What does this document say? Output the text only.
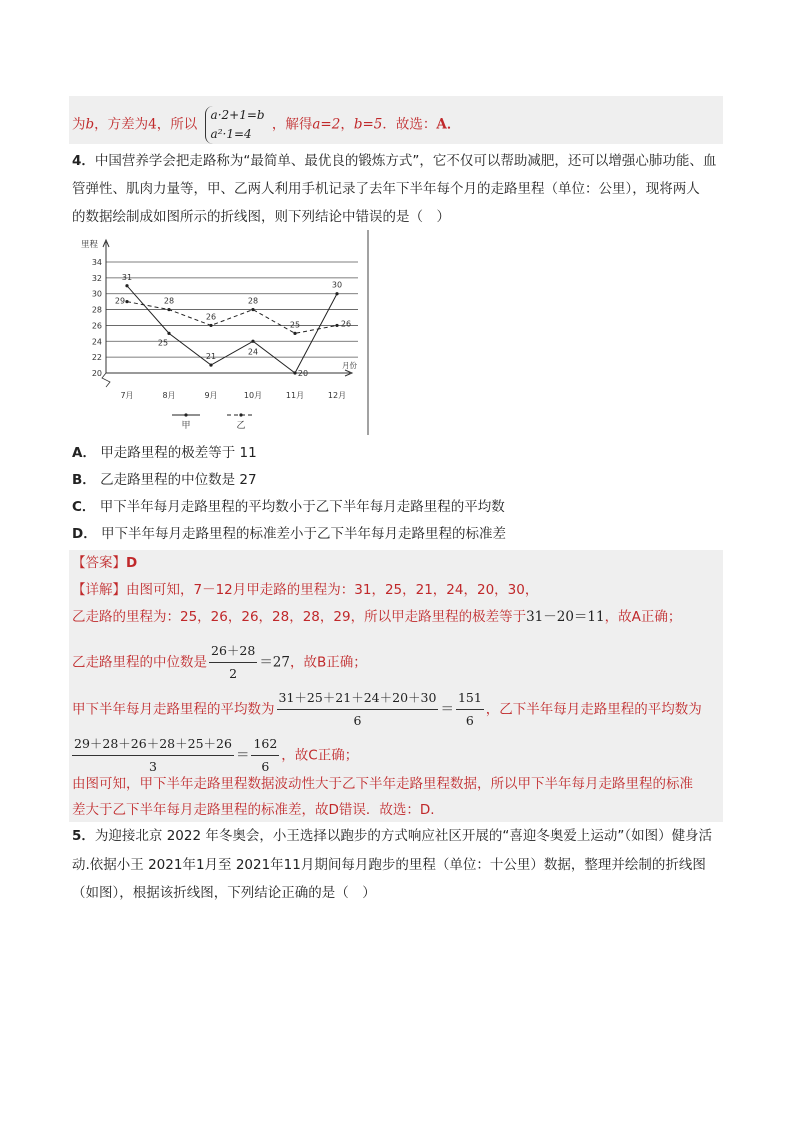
为b，方差为4，所以 a·2+1=b
a²·1=4 ，解得a=2，b=5．故选：A．
4．中国营养学会把走路称为“最简单、最优良的锻炼方式”，它不仅可以帮助减肥，还可以增强心肺功能、血
管弹性、肌肉力量等，甲、乙两人利用手机记录了去年下半年每个月的走路里程（单位：公里），现将两人
的数据绘制成如图所示的折线图，则下列结论中错误的是（　）
20
22
24
26
28
30
32
34
里程
月份
7月	8月	9月	10月	11月	12月
31
25
21
24
20
30
29	28
26
28
25	26
甲	乙
A． 甲走路里程的极差等于 11
B． 乙走路里程的中位数是 27
C． 甲下半年每月走路里程的平均数小于乙下半年每月走路里程的平均数
D． 甲下半年每月走路里程的标准差小于乙下半年每月走路里程的标准差
【答案】D
【详解】由图可知，7－12月甲走路的里程为：31，25，21，24，20，30，
乙走路的里程为：25，26，26，28，28，29，所以甲走路里程的极差等于31－20＝11，故A正确；
乙走路里程的中位数是 $\frac{26+28}{2} =27$，故B正确；
甲下半年每月走路里程的平均数为 $\frac{31+25+21+24+20+30}{6} = \frac{151}{6}$ ，乙下半年每月走路里程的平均数为
$\frac{29+28+26+28+25+26}{3} = \frac{162}{6}$ ，故C正确；
由图可知，甲下半年走路里程数据波动性大于乙下半年走路里程数据，所以甲下半年每月走路里程的标准
差大于乙下半年每月走路里程的标准差，故D错误．故选：D.
5．为迎接北京 2022 年冬奥会，小王选择以跑步的方式响应社区开展的“喜迎冬奥爱上运动”（如图）健身活
动.依据小王 2021年1月至 2021年11月期间每月跑步的里程（单位：十公里）数据，整理并绘制的折线图
（如图），根据该折线图，下列结论正确的是（　）
